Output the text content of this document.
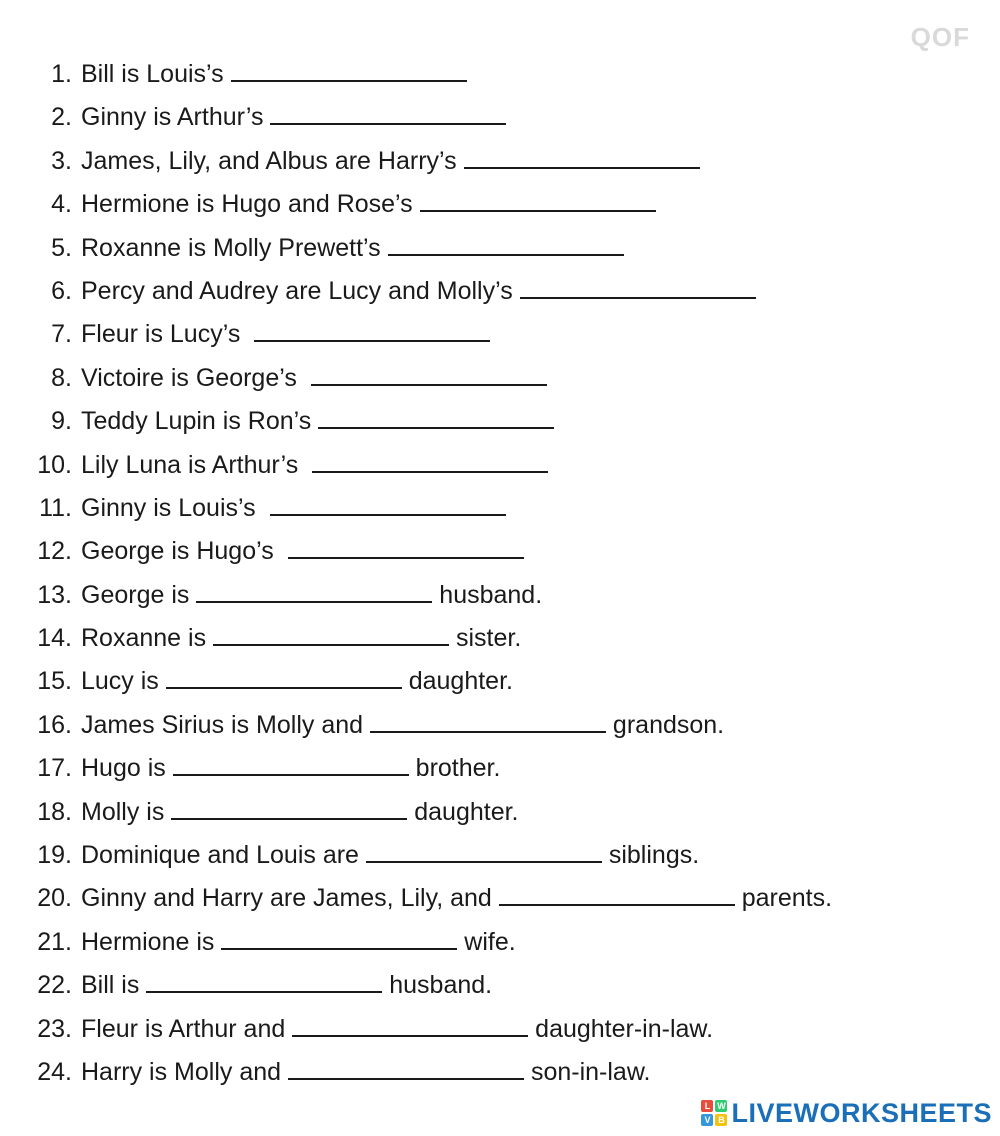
QOF
1. Bill is Louis’s
2. Ginny is Arthur’s
3. James, Lily, and Albus are Harry’s
4. Hermione is Hugo and Rose’s
5. Roxanne is Molly Prewett’s
6. Percy and Audrey are Lucy and Molly’s
7. Fleur is Lucy’s
8. Victoire is George’s
9. Teddy Lupin is Ron’s
10. Lily Luna is Arthur’s
11. Ginny is Louis’s
12. George is Hugo’s
13. George is	husband.
14. Roxanne is	sister.
15. Lucy is	daughter.
16. James Sirius is Molly and	grandson.
17. Hugo is	brother.
18. Molly is	daughter.
19. Dominique and Louis are	siblings.
20. Ginny and Harry are James, Lily, and	parents.
21. Hermione is	wife.
22. Bill is	husband.
23. Fleur is Arthur and	daughter-in-law.
24. Harry is Molly and	son-in-law.
L W
V B LIVEWORKSHEETS
